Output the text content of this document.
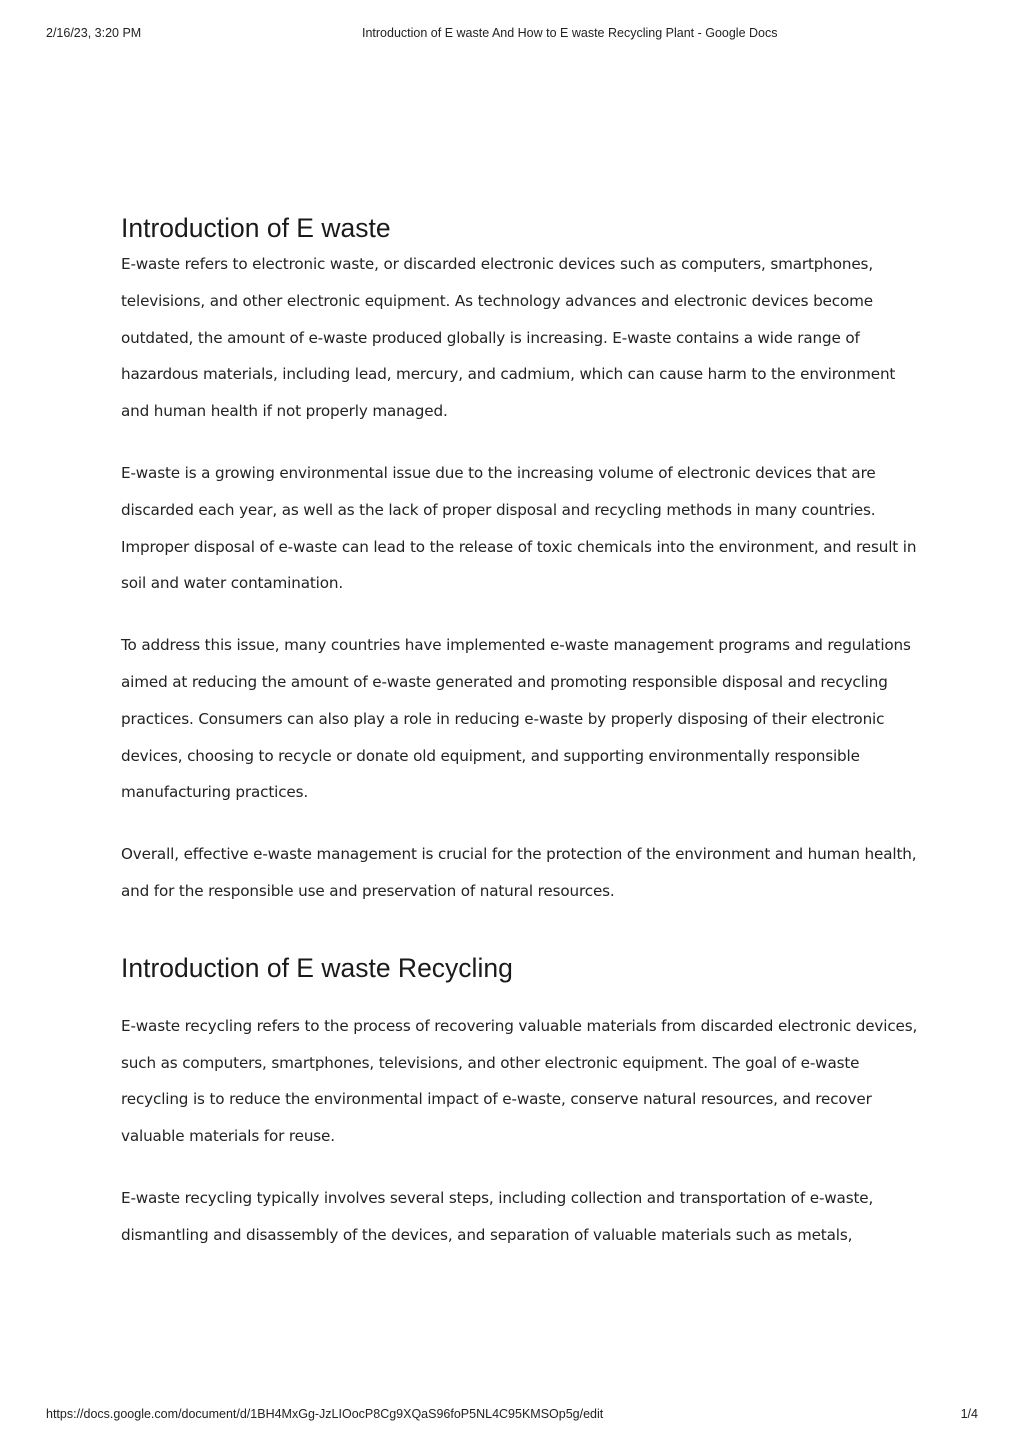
2/16/23, 3:20 PM	Introduction of E waste And How to E waste Recycling Plant - Google Docs
Introduction of E waste

E-waste refers to electronic waste, or discarded electronic devices such as computers, smartphones, televisions, and other electronic equipment. As technology advances and electronic devices become outdated, the amount of e-waste produced globally is increasing. E-waste contains a wide range of hazardous materials, including lead, mercury, and cadmium, which can cause harm to the environment and human health if not properly managed.

E-waste is a growing environmental issue due to the increasing volume of electronic devices that are discarded each year, as well as the lack of proper disposal and recycling methods in many countries. Improper disposal of e-waste can lead to the release of toxic chemicals into the environment, and result in soil and water contamination.

To address this issue, many countries have implemented e-waste management programs and regulations aimed at reducing the amount of e-waste generated and promoting responsible disposal and recycling practices. Consumers can also play a role in reducing e-waste by properly disposing of their electronic devices, choosing to recycle or donate old equipment, and supporting environmentally responsible manufacturing practices.

Overall, effective e-waste management is crucial for the protection of the environment and human health, and for the responsible use and preservation of natural resources.

Introduction of E waste Recycling

E-waste recycling refers to the process of recovering valuable materials from discarded electronic devices, such as computers, smartphones, televisions, and other electronic equipment. The goal of e-waste recycling is to reduce the environmental impact of e-waste, conserve natural resources, and recover valuable materials for reuse.

E-waste recycling typically involves several steps, including collection and transportation of e-waste, dismantling and disassembly of the devices, and separation of valuable materials such as metals,

https://docs.google.com/document/d/1BH4MxGg-JzLIOocP8Cg9XQaS96foP5NL4C95KMSOp5g/edit	1/4
